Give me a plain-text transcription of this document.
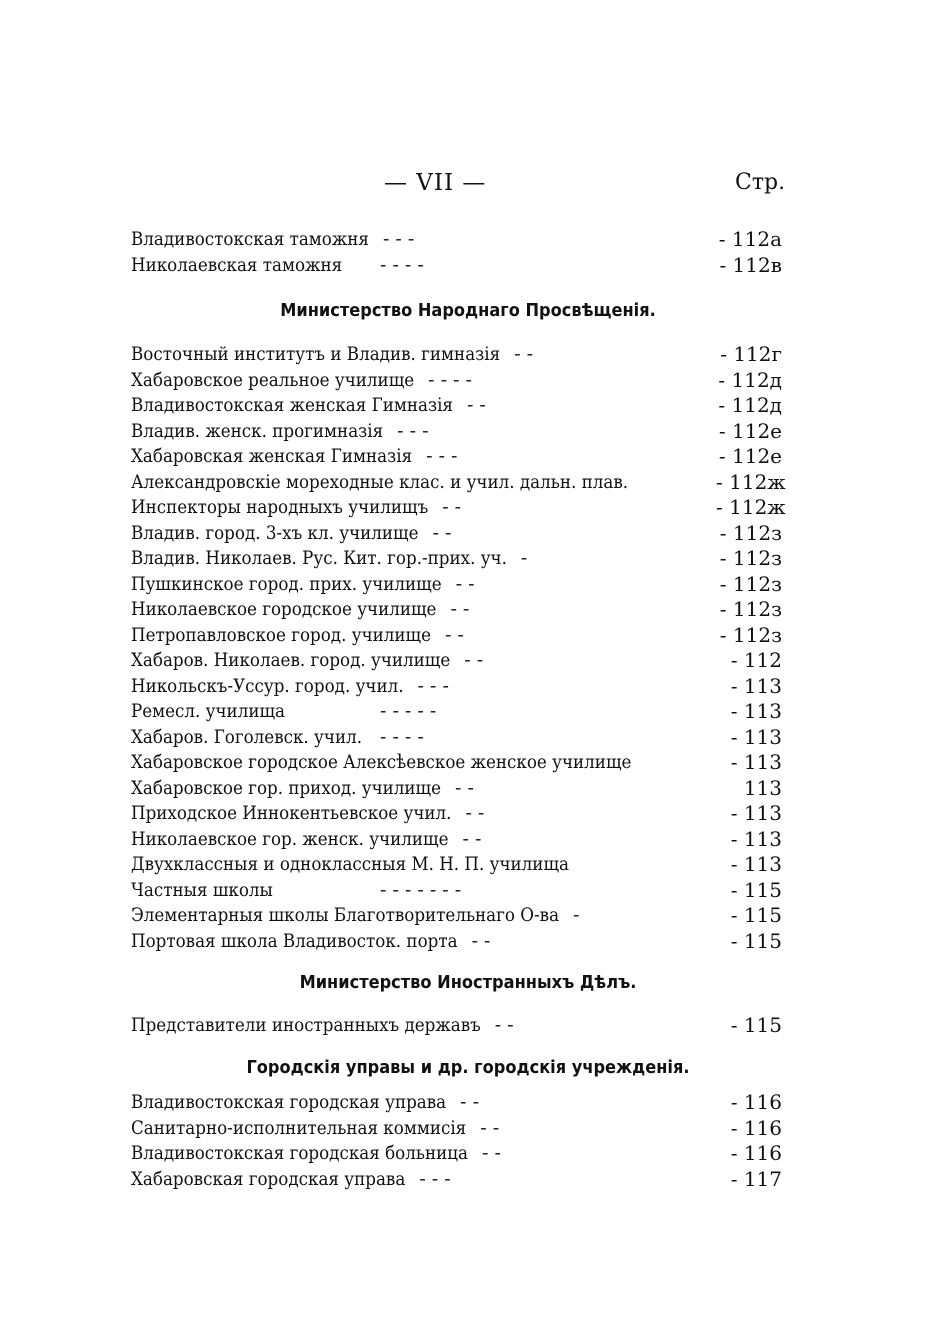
— VII —	Стр.
Владивостокская таможня - - -	- 112а
Николаевская таможня - - - -	- 112в
Министерство Народнаго Просвѣщенія.
Восточный институтъ и Владив. гимназія - -	- 112г
Хабаровское реальное училище - - - -	- 112д
Владивостокская женская Гимназія - -	- 112д
Владив. женск. прогимназія - - -	- 112е
Хабаровская женская Гимназія - - -	- 112е
Александровскіе мореходные клас. и учил. дальн. плав.	- 112ж
Инспекторы народныхъ училищъ - -	- 112ж
Владив. город. 3-хъ кл. училище - -	- 112з
Владив. Николаев. Рус. Кит. гор.-прих. уч. -	- 112з
Пушкинское город. прих. училище - -	- 112з
Николаевское городское училище - -	- 112з
Петропавловское город. училище - -	- 112з
Хабаров. Николаев. город. училище - -	- 112
Никольскъ-Уссур. город. учил. - - -	- 113
Ремесл. училища	- - - - -	- 113
Хабаров. Гоголевск. учил. - - - -	- 113
Хабаровское городское Алексѣевское женское училище	- 113
Хабаровское гор. приход. училище - -	113
Приходское Иннокентьевское учил. - -	- 113
Николаевское гор. женск. училище - -	- 113
Двухклассныя и одноклассныя М. Н. П. училища	- 113
Частныя школы	- - - - - - -	- 115
Элементарныя школы Благотворительнаго О-ва -	- 115
Портовая школа Владивосток. порта - -	- 115
Министерство Иностранныхъ Дѣлъ.
Представители иностранныхъ державъ - -	- 115
Городскія управы и др. городскія учрежденія.
Владивостокская городская управа - -	- 116
Санитарно-исполнительная коммисія - -	- 116
Владивостокская городская больница - -	- 116
Хабаровская городская управа - - -	- 117
